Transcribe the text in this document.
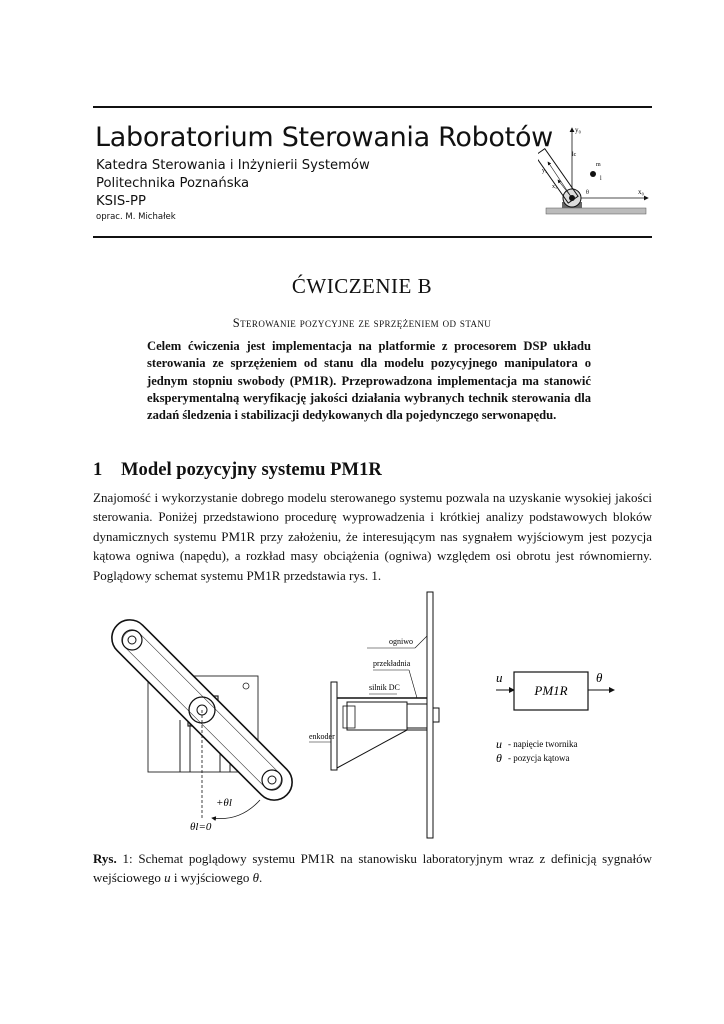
Laboratorium Sterowania Robotów
Katedra Sterowania i Inżynierii Systemów
Politechnika Poznańska
KSIS-PP
oprac. M. Michałek
y₀
x₀
y₁
x₁
m
l
lc
θ
ĆWICZENIE B
Sterowanie pozycyjne ze sprzężeniem od stanu

Celem ćwiczenia jest implementacja na platformie z procesorem DSP układu sterowania ze sprzężeniem od stanu dla modelu pozycyjnego manipulatora o jednym stopniu swobody (PM1R). Przeprowadzona implementacja ma stanowić eksperymentalną weryfikację jakości działania wybranych technik sterowania dla zadań śledzenia i stabilizacji dedykowanych dla pojedynczego serwonapędu.

1 Model pozycyjny systemu PM1R

Znajomość i wykorzystanie dobrego modelu sterowanego systemu pozwala na uzyskanie wysokiej jakości sterowania. Poniżej przedstawiono procedurę wyprowadzenia i krótkiej analizy podstawowych bloków dynamicznych systemu PM1R przy założeniu, że interesującym nas sygnałem wyjściowym jest pozycja kątowa ogniwa (napędu), a rozkład masy obciążenia (ogniwa) względem osi obrotu jest równomierny. Poglądowy schemat systemu PM1R przedstawia rys. 1.

+θl
θl=0
ogniwo
przekładnia
silnik DC
enkoder
u	θ
PM1R
u - napięcie twornika
θ - pozycja kątowa

Rys. 1: Schemat poglądowy systemu PM1R na stanowisku laboratoryjnym wraz z definicją sygnałów wejściowego u i wyjściowego θ.
